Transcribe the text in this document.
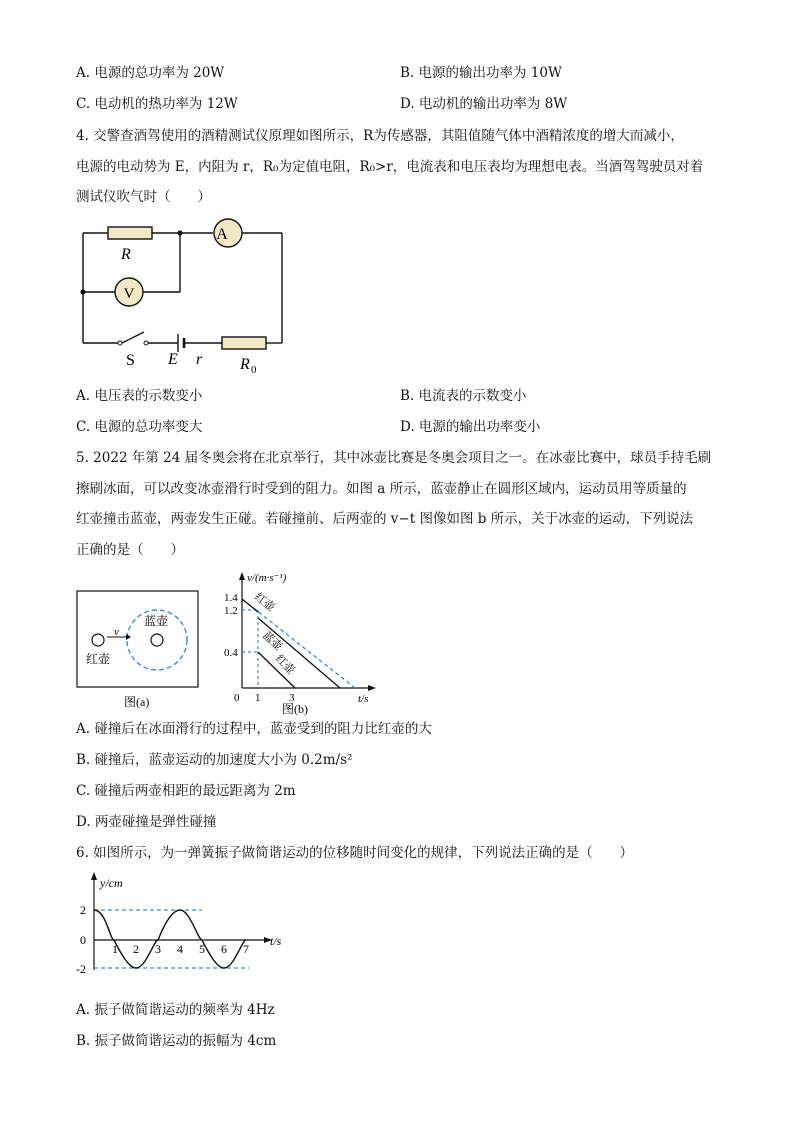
A. 电源的总功率为 20W	B. 电源的输出功率为 10W
C. 电动机的热功率为 12W	D. 电动机的输出功率为 8W
4. 交警查酒驾使用的酒精测试仪原理如图所示，R为传感器，其阻值随气体中酒精浓度的增大而减小，
电源的电动势为 E，内阻为 r，R₀为定值电阻，R₀>r，电流表和电压表均为理想电表。当酒驾驾驶员对着
测试仪吹气时（　　）
R
A
V
S E r R 0
A. 电压表的示数变小	B. 电流表的示数变小
C. 电源的总功率变大	D. 电源的输出功率变小
5. 2022 年第 24 届冬奥会将在北京举行，其中冰壶比赛是冬奥会项目之一。在冰壶比赛中，球员手持毛刷
擦刷冰面，可以改变冰壶滑行时受到的阻力。如图 a 所示，蓝壶静止在圆形区域内，运动员用等质量的
红壶撞击蓝壶，两壶发生正碰。若碰撞前、后两壶的 v−t 图像如图 b 所示，关于冰壶的运动，下列说法
正确的是（　　）
v
蓝壶
红壶
图(a)
1.4
1.2
0.4
0 1	3
v/(m·s⁻¹)
t/s
红壶
蓝壶
红壶
图(b)
A. 碰撞后在冰面滑行的过程中，蓝壶受到的阻力比红壶的大
B. 碰撞后，蓝壶运动的加速度大小为 0.2m/s²
C. 碰撞后两壶相距的最远距离为 2m
D. 两壶碰撞是弹性碰撞
6. 如图所示，为一弹簧振子做简谐运动的位移随时间变化的规律，下列说法正确的是（　　）
2
0
-2
1 2 3 4 5 6 7
y/cm
t/s
A. 振子做简谐运动的频率为 4Hz
B. 振子做简谐运动的振幅为 4cm
